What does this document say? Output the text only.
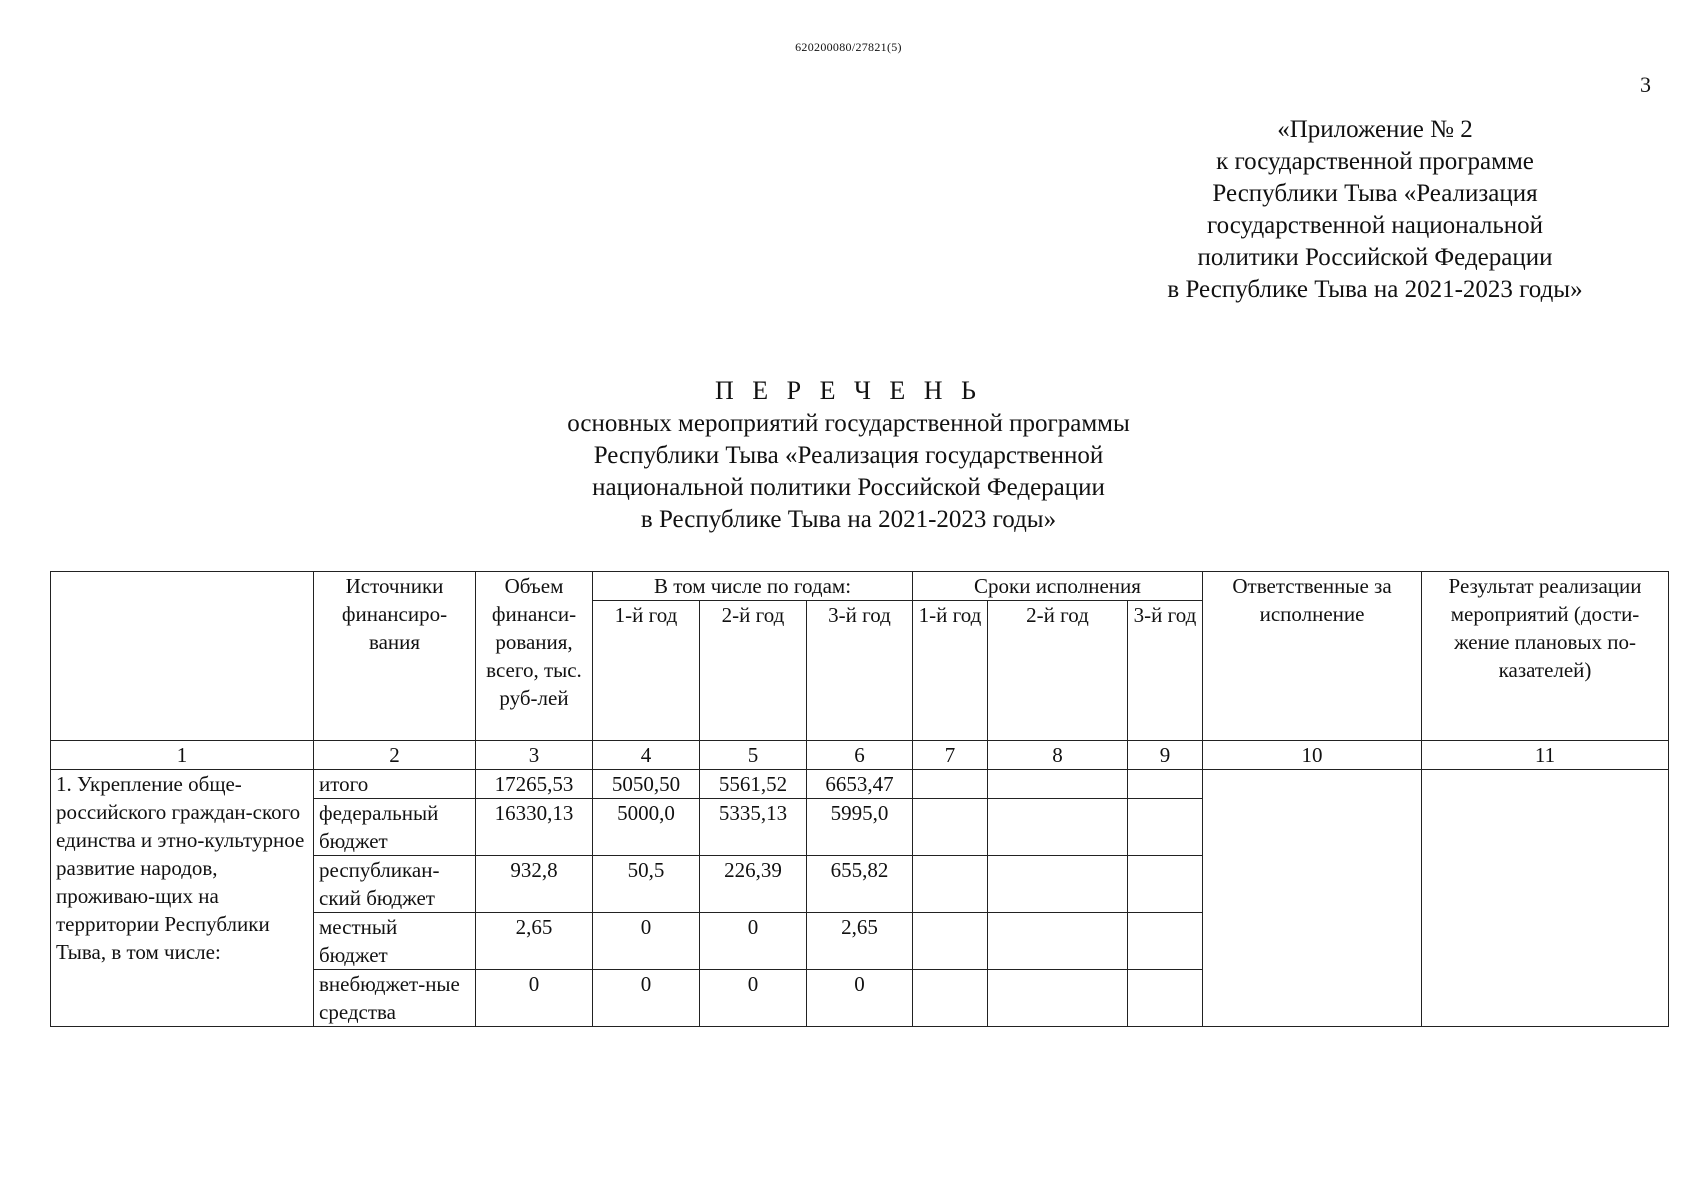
620200080/27821(5)
3
«Приложение № 2
к государственной программе
Республики Тыва «Реализация
государственной национальной
политики Российской Федерации
в Республике Тыва на 2021-2023 годы»
П Е Р Е Ч Е Н Ь
основных мероприятий государственной программы
Республики Тыва «Реализация государственной
национальной политики Российской Федерации
в Республике Тыва на 2021-2023 годы»
	Источники финансиро-вания	Объем финанси-рования, всего, тыс. руб-лей	В том числе по годам:			Сроки исполнения			Ответственные за исполнение	Результат реализации мероприятий (дости-жение плановых по-казателей)
			1-й год	2-й год	3-й год	1-й год	2-й год	3-й год		
1	2	3	4	5	6	7	8	9	10	11
1. Укрепление обще-российского граждан-ского единства и этно-культурное развитие народов, проживаю-щих на территории Республики Тыва, в том числе:	итого	17265,53	5050,50	5561,52	6653,47					
	федеральный бюджет	16330,13	5000,0	5335,13	5995,0					
	республикан-ский бюджет	932,8	50,5	226,39	655,82					
	местный бюджет	2,65	0	0	2,65					
	внебюджет-ные средства	0	0	0	0					
